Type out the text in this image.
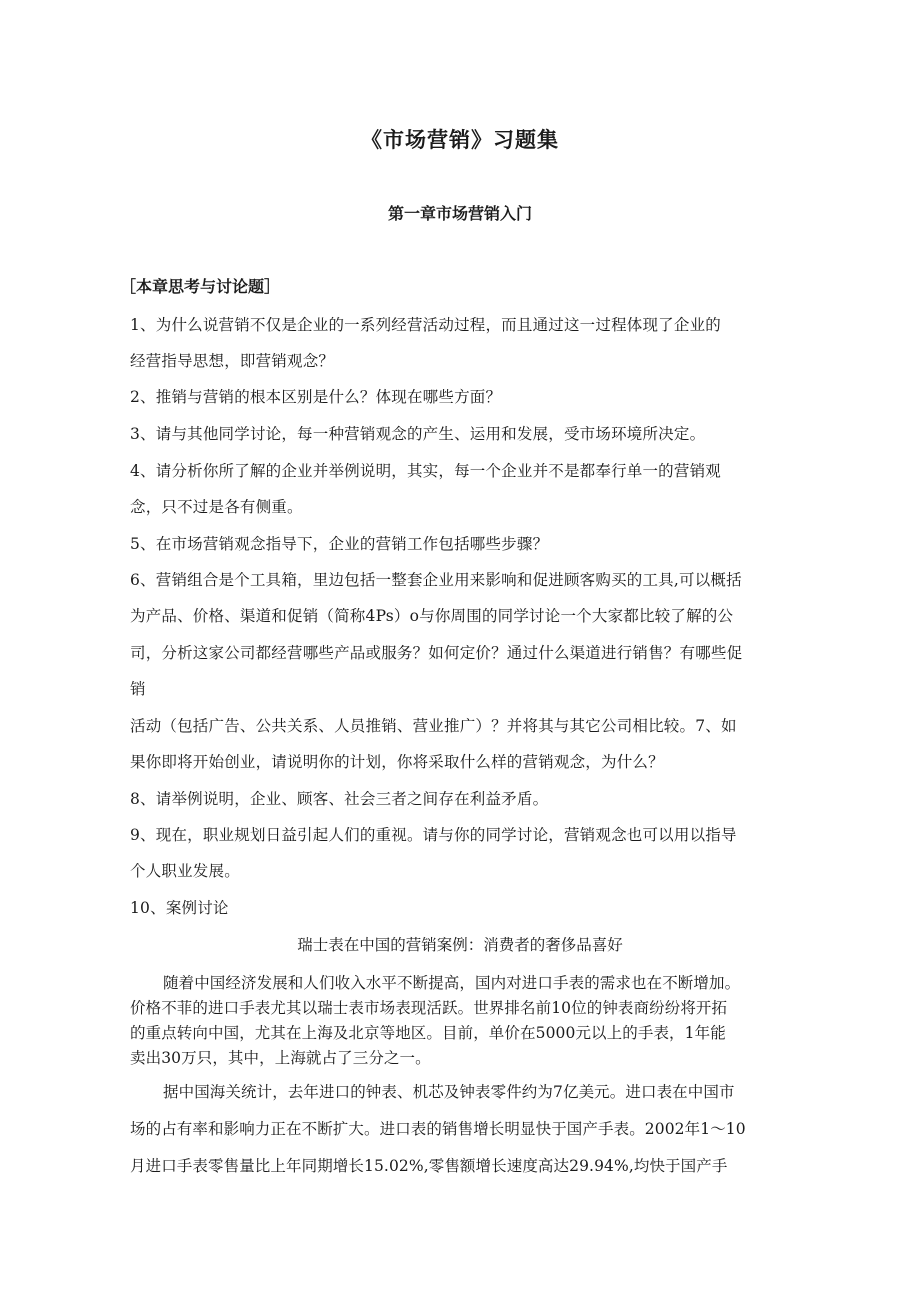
《市场营销》习题集
第一章市场营销入门
［本章思考与讨论题］
1、为什么说营销不仅是企业的一系列经营活动过程，而且通过这一过程体现了企业的
经营指导思想，即营销观念？
2、推销与营销的根本区别是什么？体现在哪些方面？
3、请与其他同学讨论，每一种营销观念的产生、运用和发展，受市场环境所决定。
4、请分析你所了解的企业并举例说明，其实，每一个企业并不是都奉行单一的营销观
念，只不过是各有侧重。
5、在市场营销观念指导下，企业的营销工作包括哪些步骤？
6、营销组合是个工具箱，里边包括一整套企业用来影响和促进顾客购买的工具,可以概括
为产品、价格、渠道和促销（简称4Ps）o与你周围的同学讨论一个大家都比较了解的公
司，分析这家公司都经营哪些产品或服务？如何定价？通过什么渠道进行销售？有哪些促
销
活动（包括广告、公共关系、人员推销、营业推广）？并将其与其它公司相比较。7、如
果你即将开始创业，请说明你的计划，你将采取什么样的营销观念，为什么？
8、请举例说明，企业、顾客、社会三者之间存在利益矛盾。
9、现在，职业规划日益引起人们的重视。请与你的同学讨论，营销观念也可以用以指导
个人职业发展。
10、案例讨论
瑞士表在中国的营销案例：消费者的奢侈品喜好
随着中国经济发展和人们收入水平不断提高，国内对进口手表的需求也在不断增加。
价格不菲的进口手表尤其以瑞士表市场表现活跃。世界排名前10位的钟表商纷纷将开拓
的重点转向中国，尤其在上海及北京等地区。目前，单价在5000元以上的手表，1年能
卖出30万只，其中，上海就占了三分之一。
据中国海关统计，去年进口的钟表、机芯及钟表零件约为7亿美元。进口表在中国市
场的占有率和影响力正在不断扩大。进口表的销售增长明显快于国产手表。2002年1～10
月进口手表零售量比上年同期增长15.02%,零售额增长速度高达29.94%,均快于国产手
